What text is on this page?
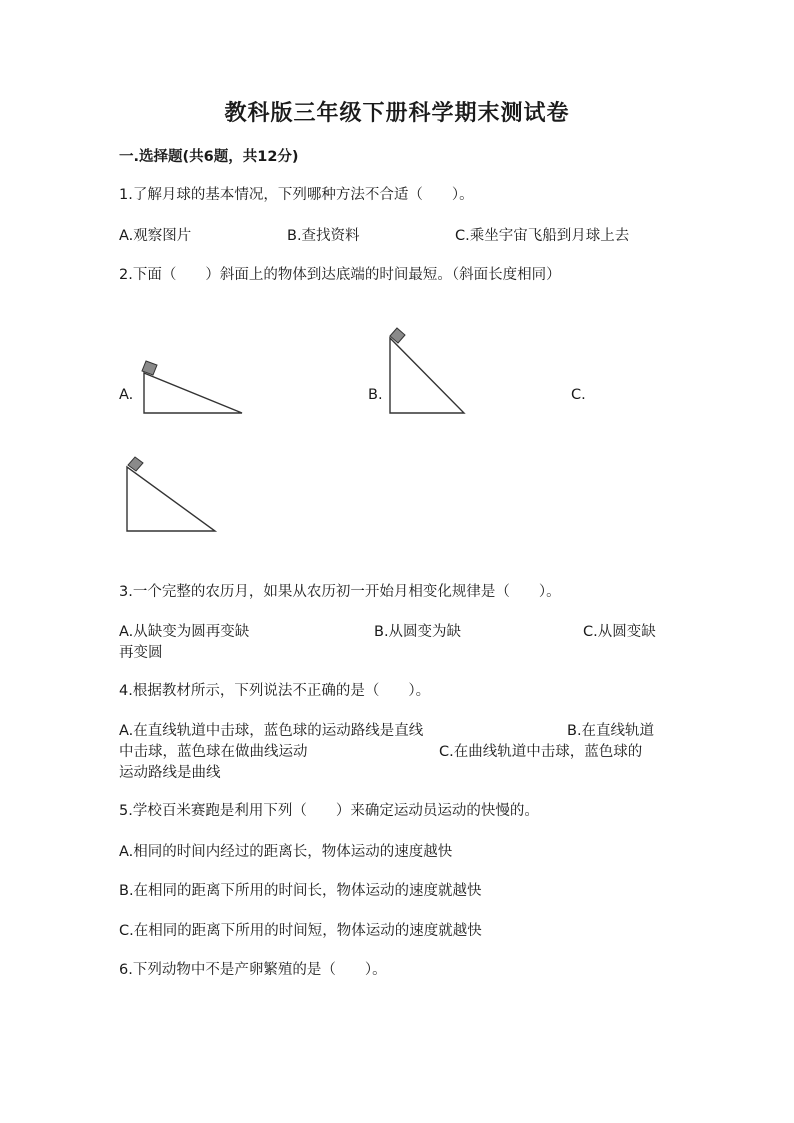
教科版三年级下册科学期末测试卷
一.选择题(共6题，共12分)
1.了解月球的基本情况，下列哪种方法不合适（　　）。
A.观察图片	B.查找资料	C.乘坐宇宙飞船到月球上去
2.下面（　　）斜面上的物体到达底端的时间最短。（斜面长度相同）
A.	B.	C.
3.一个完整的农历月，如果从农历初一开始月相变化规律是（　　）。
A.从缺变为圆再变缺	B.从圆变为缺	C.从圆变缺
再变圆
4.根据教材所示，下列说法不正确的是（　　）。
A.在直线轨道中击球，蓝色球的运动路线是直线	B.在直线轨道
中击球，蓝色球在做曲线运动	C.在曲线轨道中击球，蓝色球的
运动路线是曲线
5.学校百米赛跑是利用下列（　　）来确定运动员运动的快慢的。
A.相同的时间内经过的距离长，物体运动的速度越快
B.在相同的距离下所用的时间长，物体运动的速度就越快
C.在相同的距离下所用的时间短，物体运动的速度就越快
6.下列动物中不是产卵繁殖的是（　　）。
